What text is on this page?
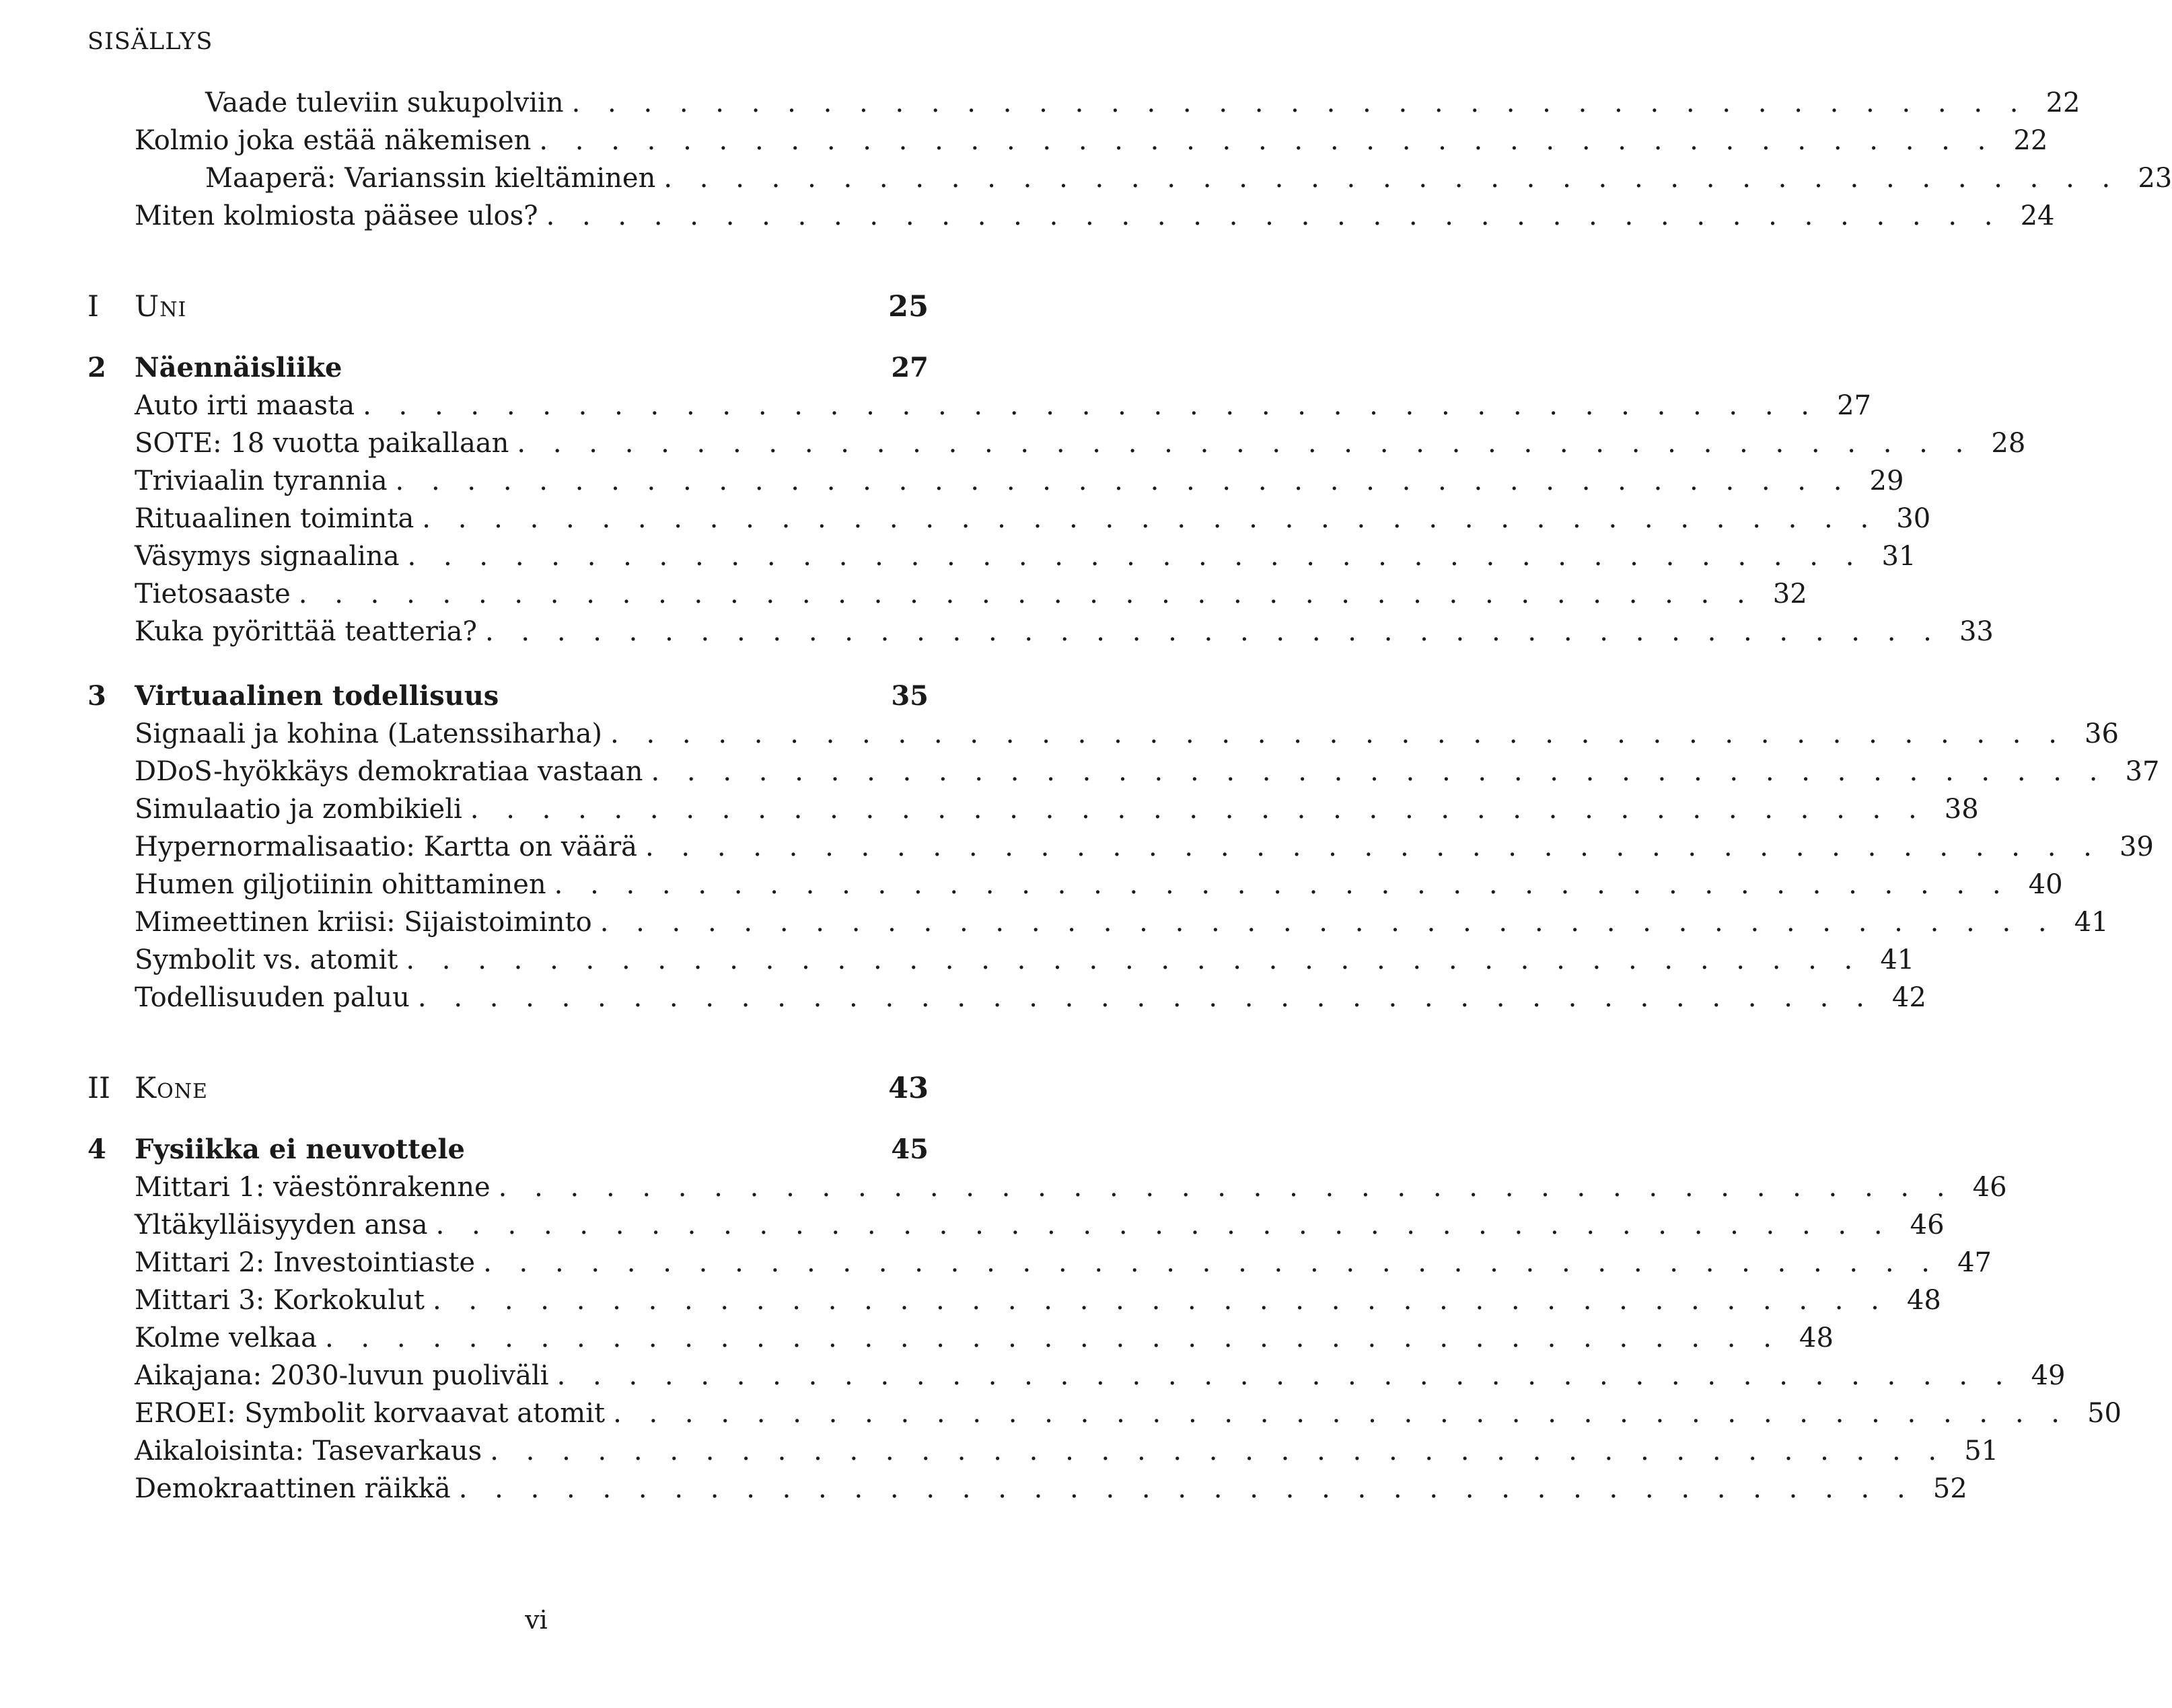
SISÄLLYS
Vaade tuleviin sukupolviin . . . . . . . . . . . . . . . . . . . . . . . . . . . . . . . . . . . . . . . . . 22
Kolmio joka estää näkemisen . . . . . . . . . . . . . . . . . . . . . . . . . . . . . . . . . . . . . . . . . 22
Maaperä: Varianssin kieltäminen . . . . . . . . . . . . . . . . . . . . . . . . . . . . . . . . . . . . . . . . . 23
Miten kolmiosta pääsee ulos? . . . . . . . . . . . . . . . . . . . . . . . . . . . . . . . . . . . . . . . . . 24
I	Uni	25
2	Näennäisliike	27
Auto irti maasta . . . . . . . . . . . . . . . . . . . . . . . . . . . . . . . . . . . . . . . . . 27
SOTE: 18 vuotta paikallaan . . . . . . . . . . . . . . . . . . . . . . . . . . . . . . . . . . . . . . . . . 28
Triviaalin tyrannia . . . . . . . . . . . . . . . . . . . . . . . . . . . . . . . . . . . . . . . . . 29
Rituaalinen toiminta . . . . . . . . . . . . . . . . . . . . . . . . . . . . . . . . . . . . . . . . . 30
Väsymys signaalina . . . . . . . . . . . . . . . . . . . . . . . . . . . . . . . . . . . . . . . . . 31
Tietosaaste . . . . . . . . . . . . . . . . . . . . . . . . . . . . . . . . . . . . . . . . . 32
Kuka pyörittää teatteria? . . . . . . . . . . . . . . . . . . . . . . . . . . . . . . . . . . . . . . . . . 33
3	Virtuaalinen todellisuus	35
Signaali ja kohina (Latenssiharha) . . . . . . . . . . . . . . . . . . . . . . . . . . . . . . . . . . . . . . . . . 36
DDoS-hyökkäys demokratiaa vastaan . . . . . . . . . . . . . . . . . . . . . . . . . . . . . . . . . . . . . . . . . 37
Simulaatio ja zombikieli . . . . . . . . . . . . . . . . . . . . . . . . . . . . . . . . . . . . . . . . . 38
Hypernormalisaatio: Kartta on väärä . . . . . . . . . . . . . . . . . . . . . . . . . . . . . . . . . . . . . . . . . 39
Humen giljotiinin ohittaminen . . . . . . . . . . . . . . . . . . . . . . . . . . . . . . . . . . . . . . . . . 40
Mimeettinen kriisi: Sijaistoiminto . . . . . . . . . . . . . . . . . . . . . . . . . . . . . . . . . . . . . . . . . 41
Symbolit vs. atomit . . . . . . . . . . . . . . . . . . . . . . . . . . . . . . . . . . . . . . . . . 41
Todellisuuden paluu . . . . . . . . . . . . . . . . . . . . . . . . . . . . . . . . . . . . . . . . . 42
II Kone	43
4	Fysiikka ei neuvottele	45
Mittari 1: väestönrakenne . . . . . . . . . . . . . . . . . . . . . . . . . . . . . . . . . . . . . . . . . 46
Yltäkylläisyyden ansa . . . . . . . . . . . . . . . . . . . . . . . . . . . . . . . . . . . . . . . . . 46
Mittari 2: Investointiaste . . . . . . . . . . . . . . . . . . . . . . . . . . . . . . . . . . . . . . . . . 47
Mittari 3: Korkokulut . . . . . . . . . . . . . . . . . . . . . . . . . . . . . . . . . . . . . . . . . 48
Kolme velkaa . . . . . . . . . . . . . . . . . . . . . . . . . . . . . . . . . . . . . . . . . 48
Aikajana: 2030-luvun puoliväli . . . . . . . . . . . . . . . . . . . . . . . . . . . . . . . . . . . . . . . . . 49
EROEI: Symbolit korvaavat atomit . . . . . . . . . . . . . . . . . . . . . . . . . . . . . . . . . . . . . . . . . 50
Aikaloisinta: Tasevarkaus . . . . . . . . . . . . . . . . . . . . . . . . . . . . . . . . . . . . . . . . . 51
Demokraattinen räikkä . . . . . . . . . . . . . . . . . . . . . . . . . . . . . . . . . . . . . . . . . 52
vi
